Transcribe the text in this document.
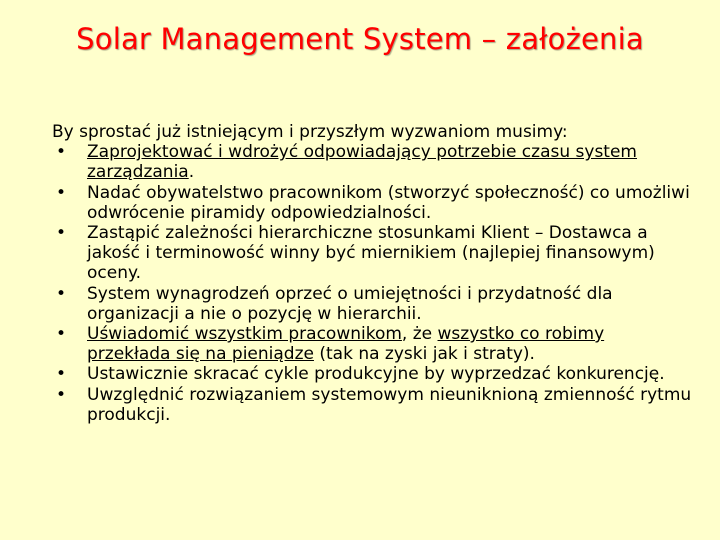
Solar Management System – założenia

By sprostać już istniejącym i przyszłym wyzwaniom musimy:

• Zaprojektować i wdrożyć odpowiadający potrzebie czasu system zarządzania.
• Nadać obywatelstwo pracownikom (stworzyć społeczność) co umożliwi odwrócenie piramidy odpowiedzialności.
• Zastąpić zależności hierarchiczne stosunkami Klient – Dostawca a jakość i terminowość winny być miernikiem (najlepiej finansowym) oceny.
• System wynagrodzeń oprzeć o umiejętności i przydatność dla organizacji a nie o pozycję w hierarchii.
• Uświadomić wszystkim pracownikom, że wszystko co robimy przekłada się na pieniądze (tak na zyski jak i straty).
• Ustawicznie skracać cykle produkcyjne by wyprzedzać konkurencję.
• Uwzględnić rozwiązaniem systemowym nieuniknioną zmienność rytmu produkcji.
